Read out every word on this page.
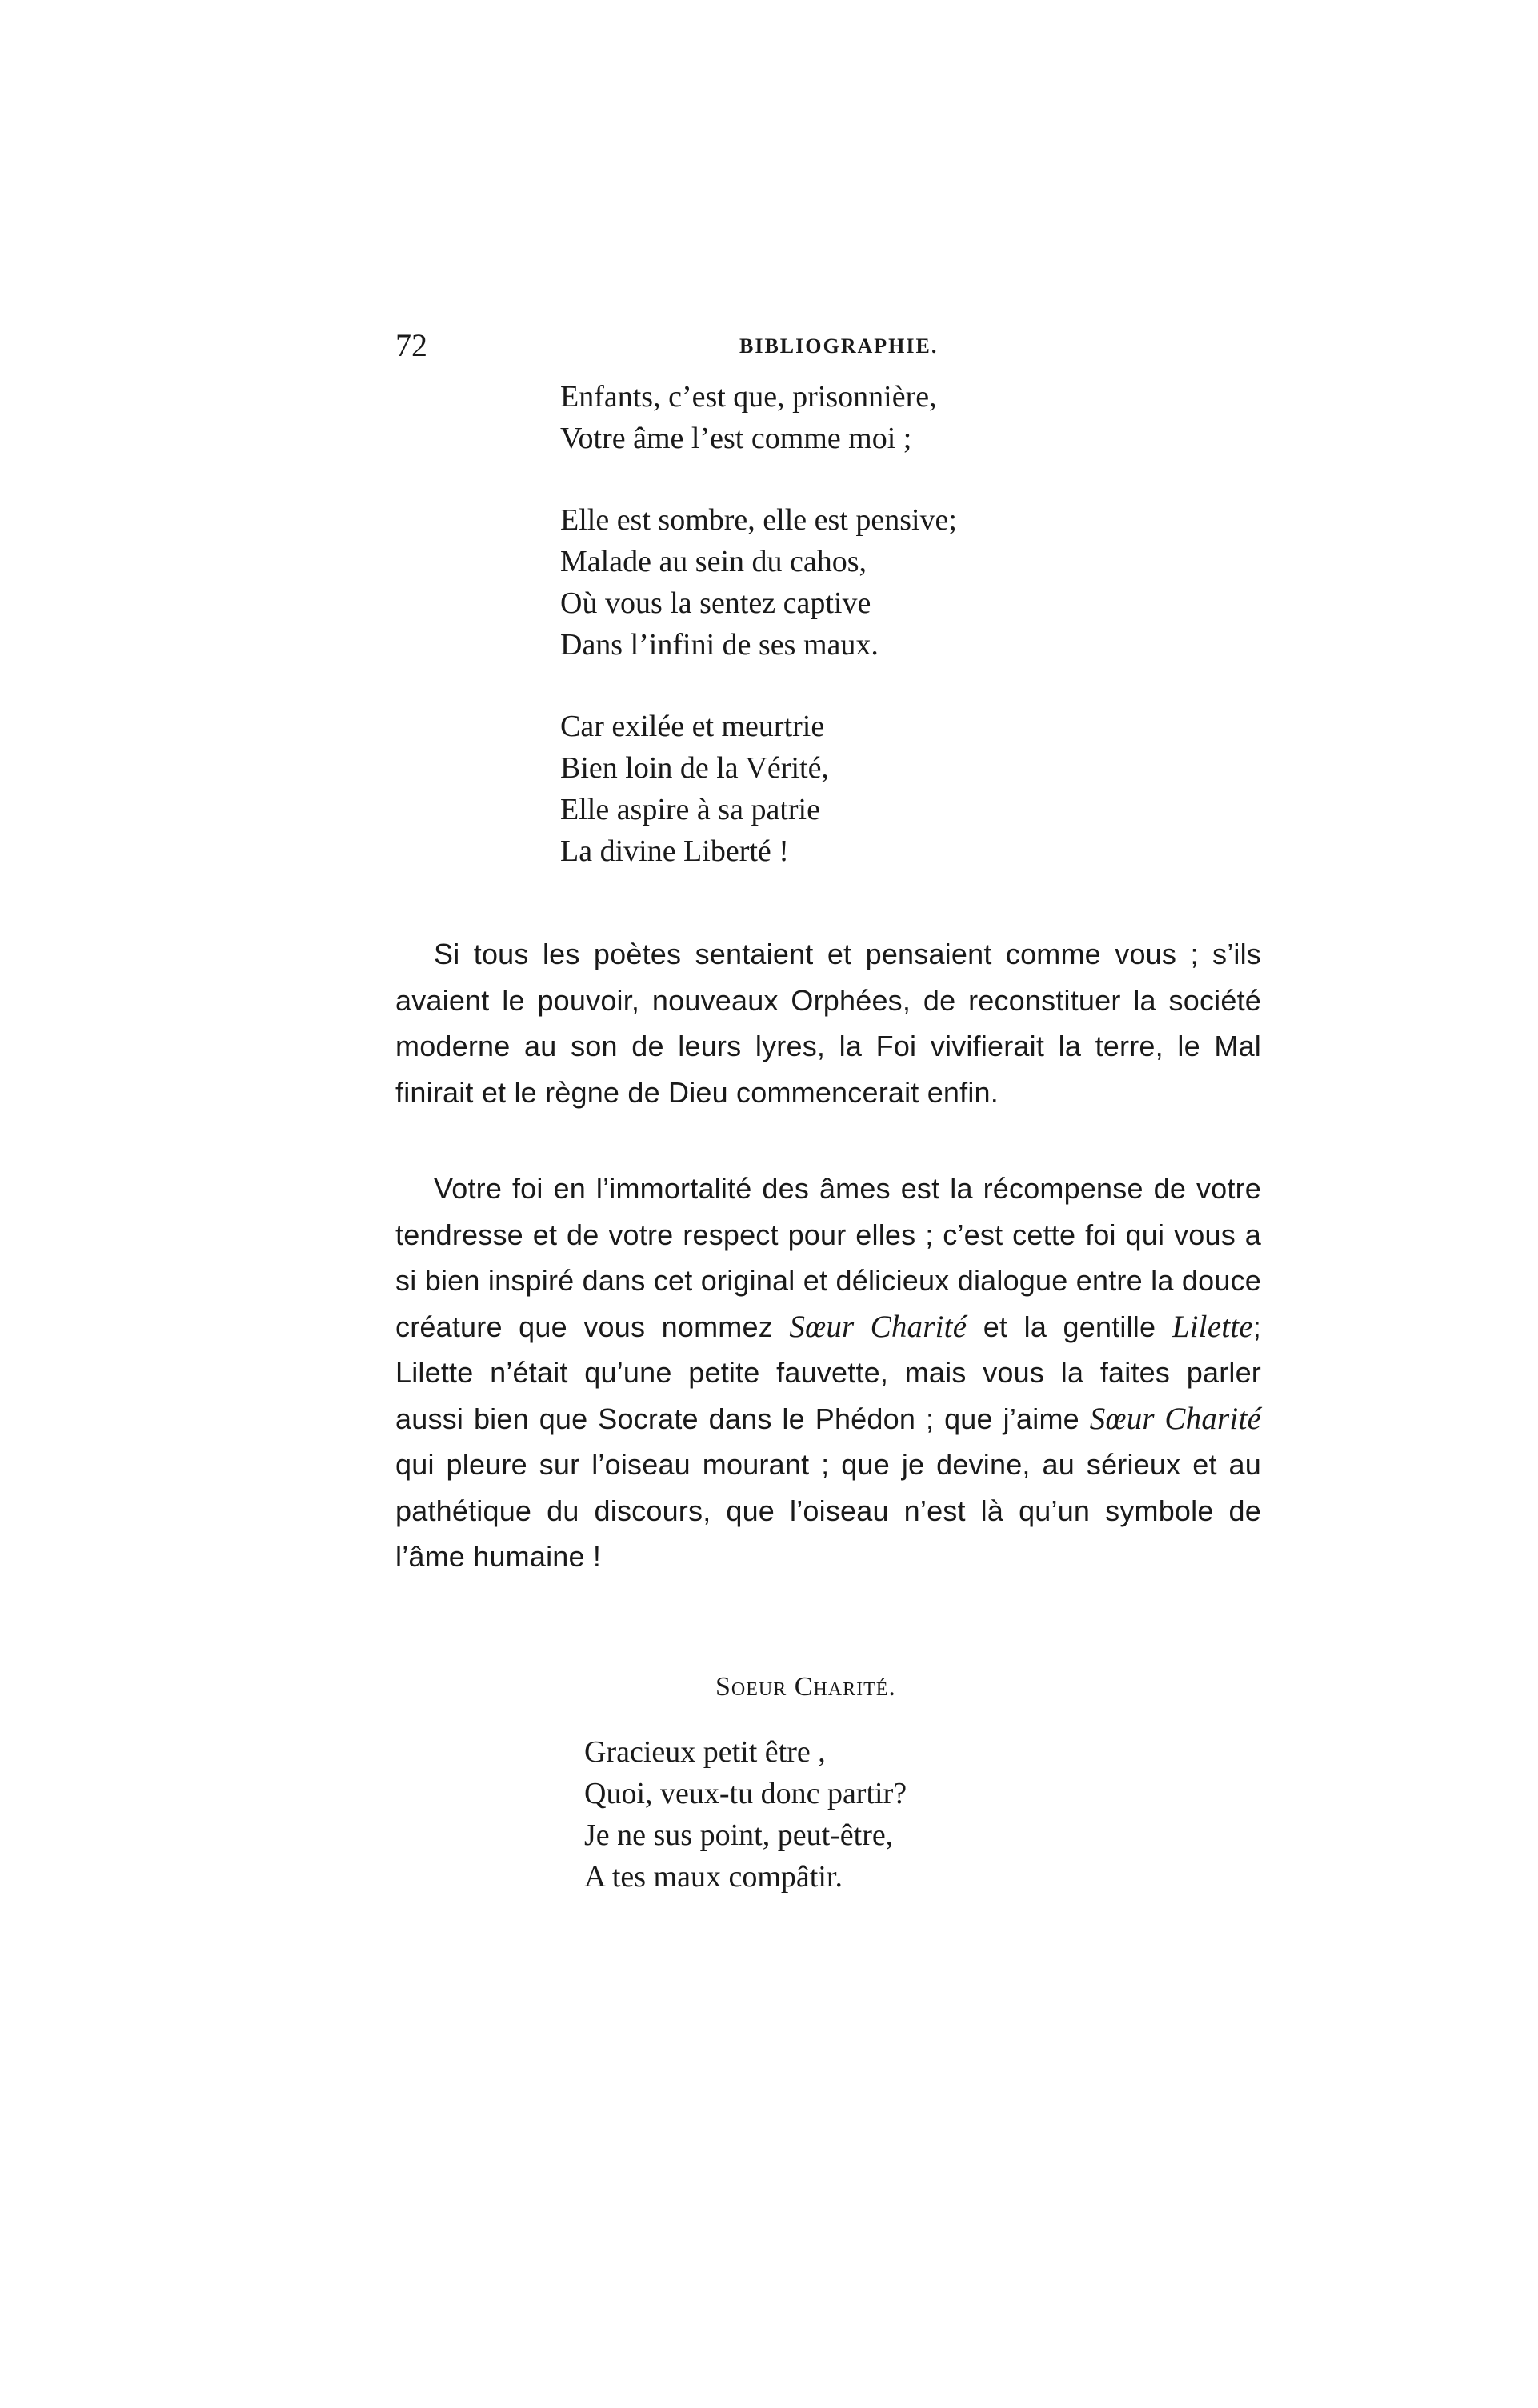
72	BIBLIOGRAPHIE.
Enfants, c’est que, prisonnière,
Votre âme l’est comme moi ;
Elle est sombre, elle est pensive;
Malade au sein du cahos,
Où vous la sentez captive
Dans l’infini de ses maux.
Car exilée et meurtrie
Bien loin de la Vérité,
Elle aspire à sa patrie
La divine Liberté !

Si tous les poètes sentaient et pensaient comme vous ; s’ils avaient le pouvoir, nouveaux Orphées, de reconstituer la société moderne au son de leurs lyres, la Foi vivifierait la terre, le Mal finirait et le règne de Dieu commencerait enfin.

Votre foi en l’immortalité des âmes est la récompense de votre tendresse et de votre respect pour elles ; c’est cette foi qui vous a si bien inspiré dans cet original et délicieux dialogue entre la douce créature que vous nommez Sœur Charité et la gentille Lilette; Lilette n’était qu’une petite fauvette, mais vous la faites parler aussi bien que Socrate dans le Phédon ; que j’aime Sœur Charité qui pleure sur l’oiseau mourant ; que je devine, au sérieux et au pathétique du discours, que l’oiseau n’est là qu’un symbole de l’âme humaine !

Soeur Charité.
Gracieux petit être ,
Quoi, veux-tu donc partir?
Je ne sus point, peut-être,
A tes maux compâtir.
